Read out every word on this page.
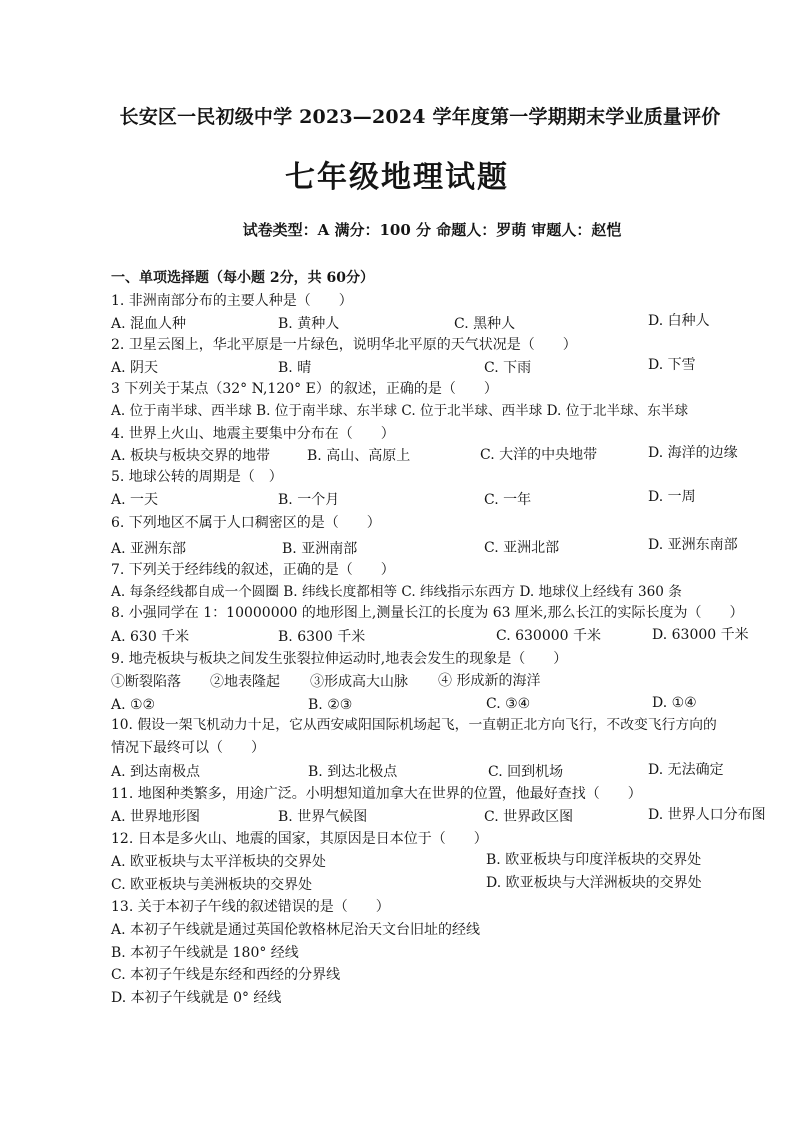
长安区一民初级中学 2023—2024 学年度第一学期期末学业质量评价
七年级地理试题
试卷类型：A 满分：100 分 命题人：罗萌 审题人：赵恺
一、单项选择题（每小题 2分，共 60分）
1. 非洲南部分布的主要人种是（　　）
A. 混血人种	B. 黄种人	C. 黑种人	D. 白种人
2. 卫星云图上，华北平原是一片绿色，说明华北平原的天气状况是（　　）
A. 阴天	B. 晴	C. 下雨	D. 下雪
3 下列关于某点（32° N,120° E）的叙述，正确的是（　　）
A. 位于南半球、西半球 B. 位于南半球、东半球 C. 位于北半球、西半球 D. 位于北半球、东半球
4. 世界上火山、地震主要集中分布在（　　）
A. 板块与板块交界的地带	B. 高山、高原上	C. 大洋的中央地带	D. 海洋的边缘
5. 地球公转的周期是（　）
A. 一天	B. 一个月	C. 一年	D. 一周
6. 下列地区不属于人口稠密区的是（　　）
A. 亚洲东部	B. 亚洲南部	C. 亚洲北部	D. 亚洲东南部
7. 下列关于经纬线的叙述，正确的是（　　）
A. 每条经线都自成一个圆圈 B. 纬线长度都相等 C. 纬线指示东西方 D. 地球仪上经线有 360 条
8. 小强同学在 1：10000000 的地形图上,测量长江的长度为 63 厘米,那么长江的实际长度为（　　）
A. 630 千米	B. 6300 千米	C. 630000 千米	D. 63000 千米
9. 地壳板块与板块之间发生张裂拉伸运动时,地表会发生的现象是（　　）
①断裂陷落 ②地表隆起 ③形成高大山脉 ④ 形成新的海洋
A. ①②	B. ②③	C. ③④	D. ①④
10. 假设一架飞机动力十足，它从西安咸阳国际机场起飞，一直朝正北方向飞行，不改变飞行方向的
情况下最终可以（　　）
A. 到达南极点	B. 到达北极点	C. 回到机场	D. 无法确定
11. 地图种类繁多，用途广泛。小明想知道加拿大在世界的位置，他最好查找（　　）
A. 世界地形图	B. 世界气候图	C. 世界政区图	D. 世界人口分布图
12. 日本是多火山、地震的国家，其原因是日本位于（　　）
A. 欧亚板块与太平洋板块的交界处	B. 欧亚板块与印度洋板块的交界处
C. 欧亚板块与美洲板块的交界处	D. 欧亚板块与大洋洲板块的交界处
13. 关于本初子午线的叙述错误的是（　　）
A. 本初子午线就是通过英国伦敦格林尼治天文台旧址的经线
B. 本初子午线就是 180° 经线
C. 本初子午线是东经和西经的分界线
D. 本初子午线就是 0° 经线
